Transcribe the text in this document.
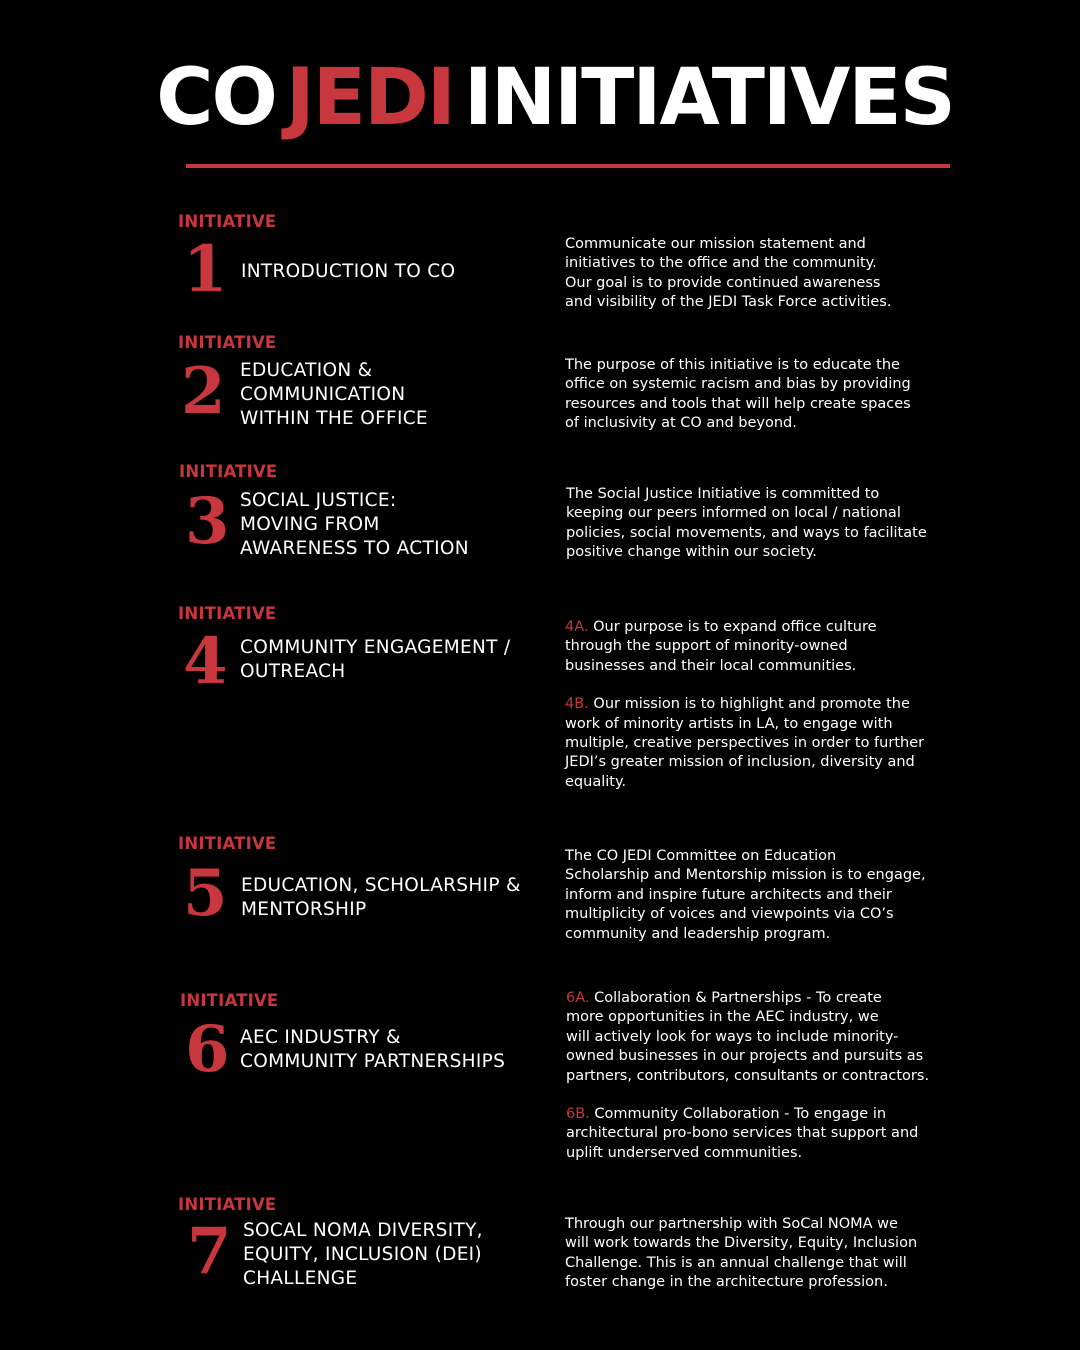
CO JEDI INITIATIVES
INITIATIVE
1 INTRODUCTION TO CO
Communicate our mission statement and
initiatives to the office and the community.
Our goal is to provide continued awareness
and visibility of the JEDI Task Force activities.
INITIATIVE
2 EDUCATION &
COMMUNICATION
WITHIN THE OFFICE
The purpose of this initiative is to educate the
office on systemic racism and bias by providing
resources and tools that will help create spaces
of inclusivity at CO and beyond.
INITIATIVE
3 SOCIAL JUSTICE:
MOVING FROM
AWARENESS TO ACTION
The Social Justice Initiative is committed to
keeping our peers informed on local / national
policies, social movements, and ways to facilitate
positive change within our society.
INITIATIVE
4 COMMUNITY ENGAGEMENT /
OUTREACH
4A. Our purpose is to expand office culture
through the support of minority-owned
businesses and their local communities.
4B. Our mission is to highlight and promote the
work of minority artists in LA, to engage with
multiple, creative perspectives in order to further
JEDI’s greater mission of inclusion, diversity and
equality.
INITIATIVE
5 EDUCATION, SCHOLARSHIP &
MENTORSHIP
The CO JEDI Committee on Education
Scholarship and Mentorship mission is to engage,
inform and inspire future architects and their
multiplicity of voices and viewpoints via CO’s
community and leadership program.
INITIATIVE
6 AEC INDUSTRY &
COMMUNITY PARTNERSHIPS
6A. Collaboration & Partnerships - To create
more opportunities in the AEC industry, we
will actively look for ways to include minority-
owned businesses in our projects and pursuits as
partners, contributors, consultants or contractors.
6B. Community Collaboration - To engage in
architectural pro-bono services that support and
uplift underserved communities.
INITIATIVE
7 SOCAL NOMA DIVERSITY,
EQUITY, INCLUSION (DEI)
CHALLENGE
Through our partnership with SoCal NOMA we
will work towards the Diversity, Equity, Inclusion
Challenge. This is an annual challenge that will
foster change in the architecture profession.
